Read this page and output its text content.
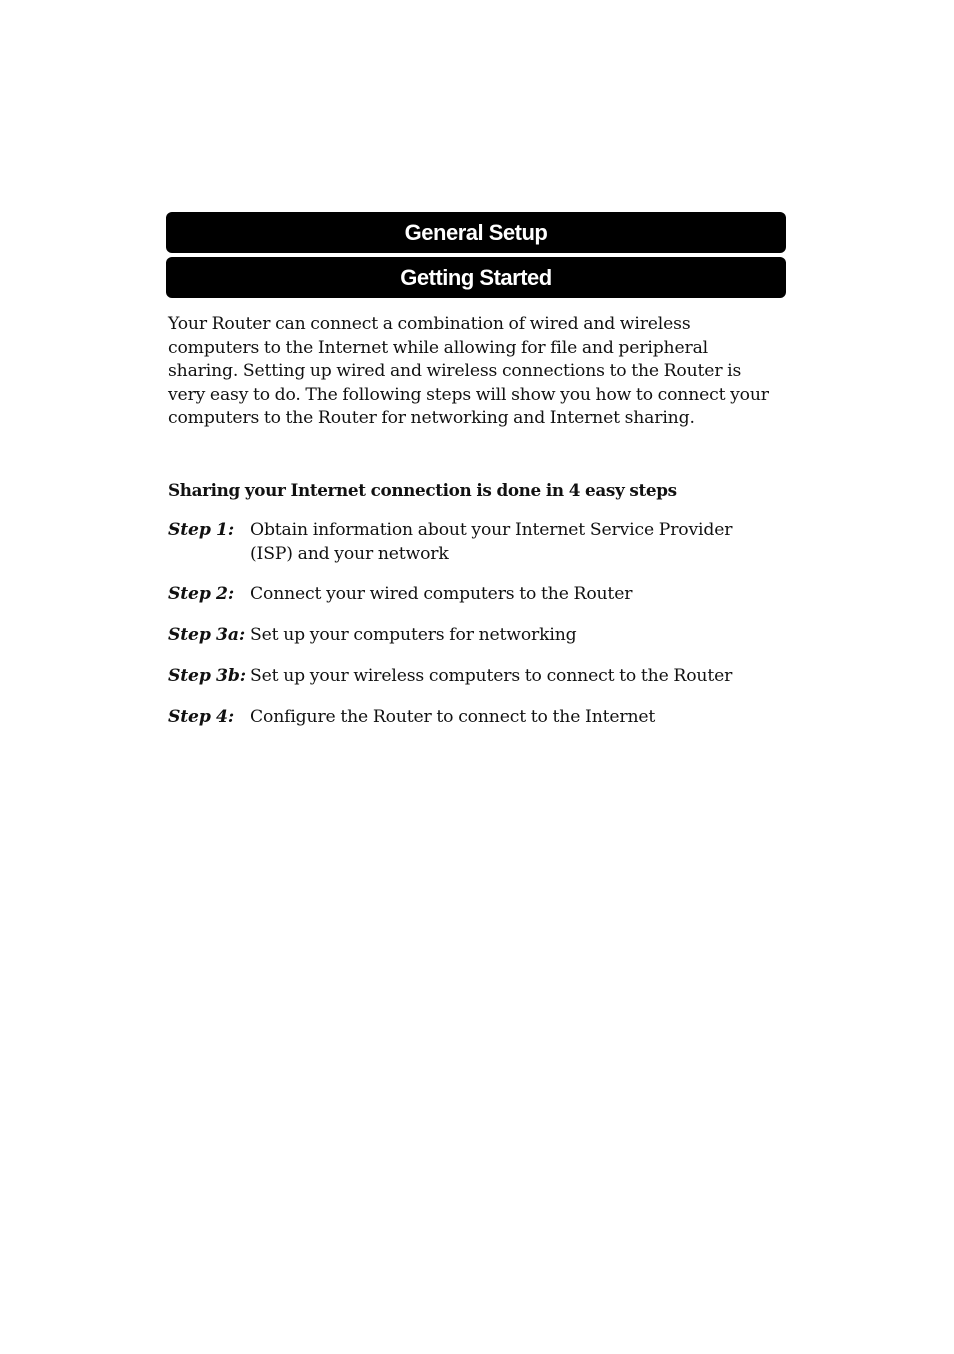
General Setup
Getting Started

Your Router can connect a combination of wired and wireless computers to the Internet while allowing for file and peripheral sharing. Setting up wired and wireless connections to the Router is very easy to do. The following steps will show you how to connect your computers to the Router for networking and Internet sharing.

Sharing your Internet connection is done in 4 easy steps

Step 1: Obtain information about your Internet Service Provider (ISP) and your network
Step 2: Connect your wired computers to the Router
Step 3a: Set up your computers for networking
Step 3b: Set up your wireless computers to connect to the Router
Step 4: Configure the Router to connect to the Internet
